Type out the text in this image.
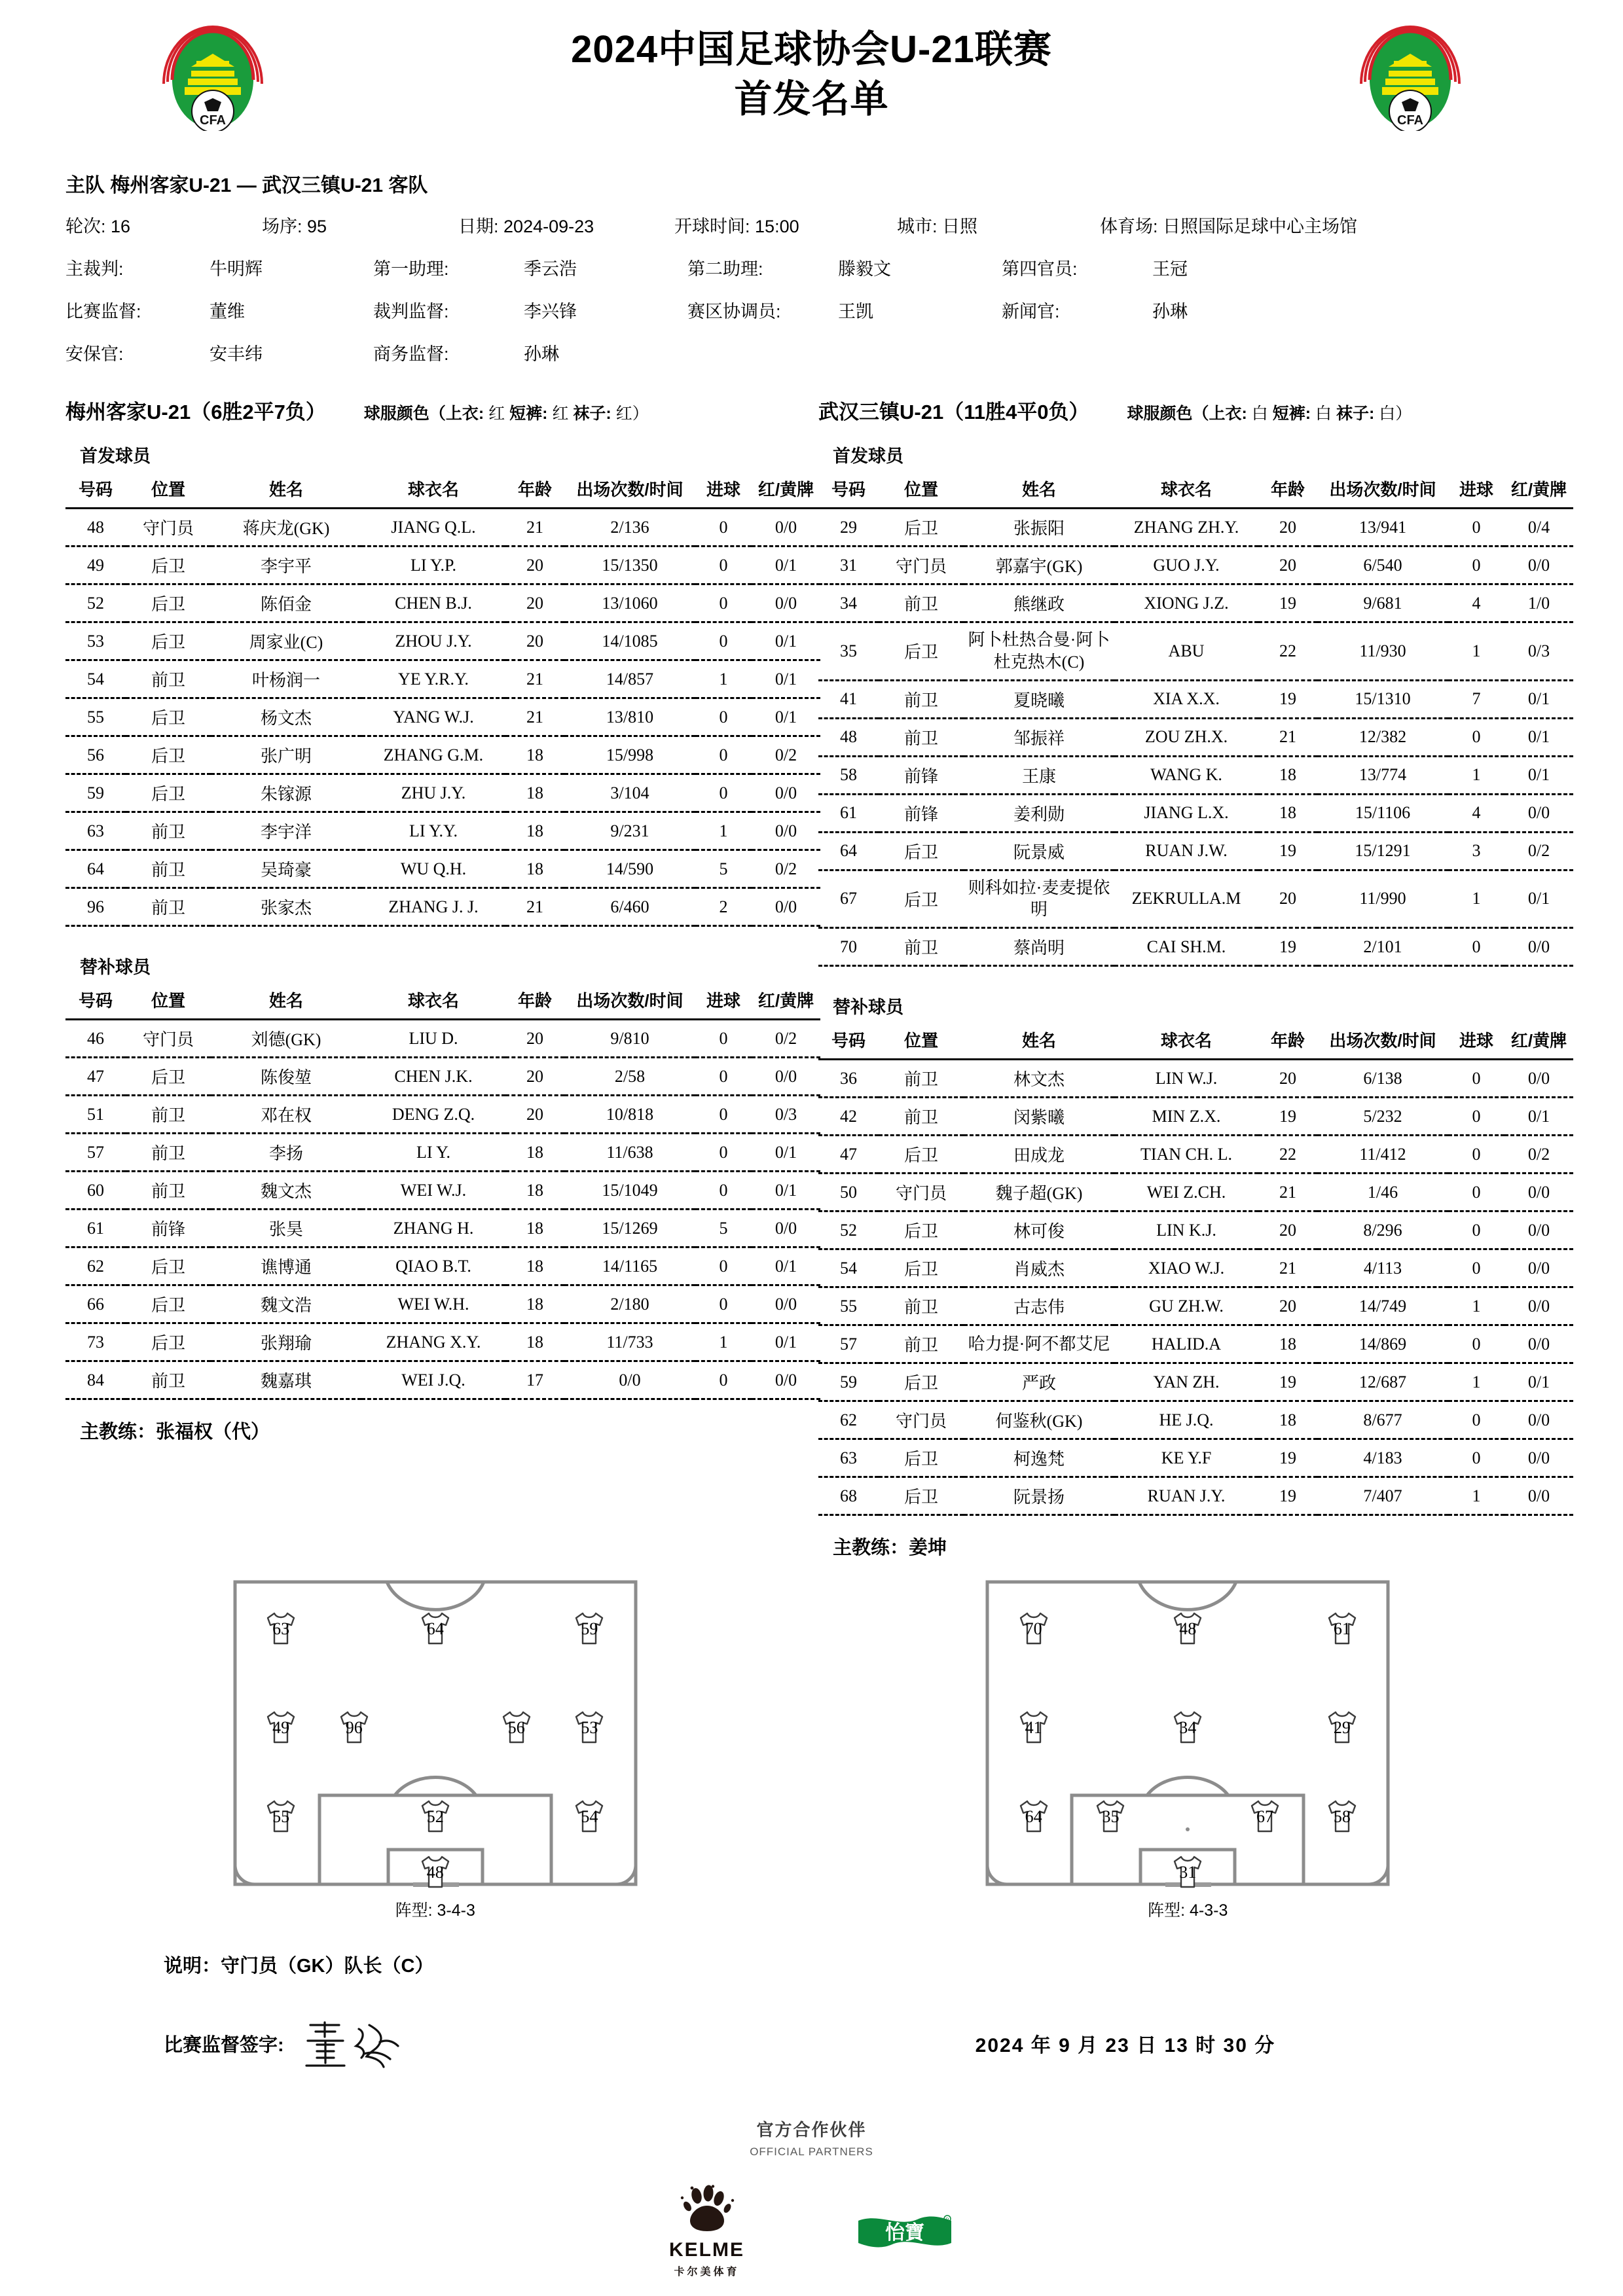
CFA
2024中国足球协会U-21联赛
首发名单
CFA
主队 梅州客家U-21 — 武汉三镇U-21 客队
轮次: 16	场序: 95	日期: 2024-09-23	开球时间: 15:00	城市: 日照	体育场: 日照国际足球中心主场馆
主裁判:	牛明辉	第一助理:	季云浩	第二助理:	滕毅文	第四官员:	王冠
比赛监督:	董维	裁判监督:	李兴锋	赛区协调员:	王凯	新闻官:	孙琳
安保官:	安丰纬	商务监督:	孙琳
梅州客家U-21（6胜2平7负） 球服颜色（上衣: 红 短裤: 红 袜子: 红）
首发球员
号码	位置	姓名	球衣名	年龄	出场次数/时间	进球	红/黄牌
48	守门员	蒋庆龙(GK)	JIANG Q.L.	21	2/136	0	0/0
49	后卫	李宇平	LI Y.P.	20	15/1350	0	0/1
52	后卫	陈佰金	CHEN B.J.	20	13/1060	0	0/0
53	后卫	周家业(C)	ZHOU J.Y.	20	14/1085	0	0/1
54	前卫	叶杨润一	YE Y.R.Y.	21	14/857	1	0/1
55	后卫	杨文杰	YANG W.J.	21	13/810	0	0/1
56	后卫	张广明	ZHANG G.M.	18	15/998	0	0/2
59	后卫	朱镓源	ZHU J.Y.	18	3/104	0	0/0
63	前卫	李宇洋	LI Y.Y.	18	9/231	1	0/0
64	前卫	吴琦豪	WU Q.H.	18	14/590	5	0/2
96	前卫	张家杰	ZHANG J. J.	21	6/460	2	0/0
替补球员
号码	位置	姓名	球衣名	年龄	出场次数/时间	进球	红/黄牌
46	守门员	刘德(GK)	LIU D.	20	9/810	0	0/2
47	后卫	陈俊堃	CHEN J.K.	20	2/58	0	0/0
51	前卫	邓在权	DENG Z.Q.	20	10/818	0	0/3
57	前卫	李扬	LI Y.	18	11/638	0	0/1
60	前卫	魏文杰	WEI W.J.	18	15/1049	0	0/1
61	前锋	张昊	ZHANG H.	18	15/1269	5	0/0
62	后卫	谯博通	QIAO B.T.	18	14/1165	0	0/1
66	后卫	魏文浩	WEI W.H.	18	2/180	0	0/0
73	后卫	张翔瑜	ZHANG X.Y.	18	11/733	1	0/1
84	前卫	魏嘉琪	WEI J.Q.	17	0/0	0	0/0
主教练：张福权（代）
武汉三镇U-21（11胜4平0负） 球服颜色（上衣: 白 短裤: 白 袜子: 白）
首发球员
号码	位置	姓名	球衣名	年龄	出场次数/时间	进球	红/黄牌
29	后卫	张振阳	ZHANG ZH.Y.	20	13/941	0	0/4
31	守门员	郭嘉宇(GK)	GUO J.Y.	20	6/540	0	0/0
34	前卫	熊继政	XIONG J.Z.	19	9/681	4	1/0
35	后卫	阿卜杜热合曼·阿卜杜克热木(C)	ABU	22	11/930	1	0/3
41	前卫	夏晓曦	XIA X.X.	19	15/1310	7	0/1
48	前卫	邹振祥	ZOU ZH.X.	21	12/382	0	0/1
58	前锋	王康	WANG K.	18	13/774	1	0/1
61	前锋	姜利勋	JIANG L.X.	18	15/1106	4	0/0
64	后卫	阮景威	RUAN J.W.	19	15/1291	3	0/2
67	后卫	则科如拉·麦麦提依明	ZEKRULLA.M	20	11/990	1	0/1
70	前卫	蔡尚明	CAI SH.M.	19	2/101	0	0/0
替补球员
号码	位置	姓名	球衣名	年龄	出场次数/时间	进球	红/黄牌
36	前卫	林文杰	LIN W.J.	20	6/138	0	0/0
42	前卫	闵紫曦	MIN Z.X.	19	5/232	0	0/1
47	后卫	田成龙	TIAN CH. L.	22	11/412	0	0/2
50	守门员	魏子超(GK)	WEI Z.CH.	21	1/46	0	0/0
52	后卫	林可俊	LIN K.J.	20	8/296	0	0/0
54	后卫	肖威杰	XIAO W.J.	21	4/113	0	0/0
55	前卫	古志伟	GU ZH.W.	20	14/749	1	0/0
57	前卫	哈力提·阿不都艾尼	HALID.A	18	14/869	0	0/0
59	后卫	严政	YAN ZH.	19	12/687	1	0/1
62	守门员	何鉴秋(GK)	HE J.Q.	18	8/677	0	0/0
63	后卫	柯逸梵	KE Y.F	19	4/183	0	0/0
68	后卫	阮景扬	RUAN J.Y.	19	7/407	1	0/0
主教练：姜坤
63	64	59
49	96	56	53
55	52	54
48
阵型: 3-4-3
70	48	61
41	34	29
64	35	67	58
31
阵型: 4-3-3
说明：守门员（GK）队长（C）
比赛监督签字:	2024 年 9 月 23 日 13 时 30 分
官方合作伙伴
OFFICIAL PARTNERS
KELME
卡尔美体育
怡寶
R
